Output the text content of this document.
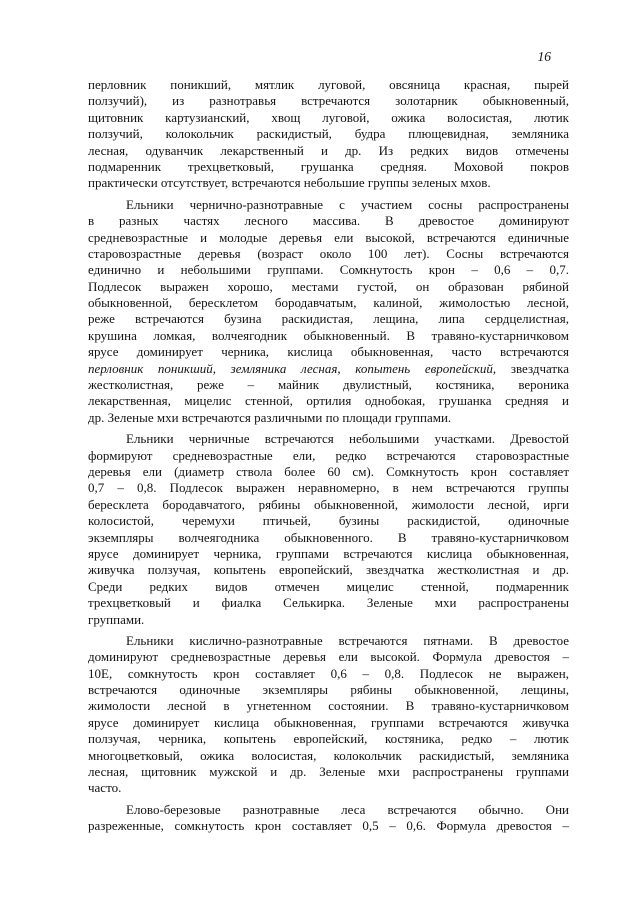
16
перловник поникший, мятлик луговой, овсяница красная, пырей
ползучий), из разнотравья встречаются золотарник обыкновенный,
щитовник картузианский, хвощ луговой, ожика волосистая, лютик
ползучий, колокольчик раскидистый, будра плющевидная, земляника
лесная, одуванчик лекарственный и др. Из редких видов отмечены
подмаренник трехцветковый, грушанка средняя. Моховой покров
практически отсутствует, встречаются небольшие группы зеленых мхов.
Ельники чернично-разнотравные с участием сосны распространены
в разных частях лесного массива. В древостое доминируют
средневозрастные и молодые деревья ели высокой, встречаются единичные
старовозрастные деревья (возраст около 100 лет). Сосны встречаются
единично и небольшими группами. Сомкнутость крон – 0,6 – 0,7.
Подлесок выражен хорошо, местами густой, он образован рябиной
обыкновенной, бересклетом бородавчатым, калиной, жимолостью лесной,
реже встречаются бузина раскидистая, лещина, липа сердцелистная,
крушина ломкая, волчеягодник обыкновенный. В травяно-кустарничковом
ярусе доминирует черника, кислица обыкновенная, часто встречаются
перловник поникший, земляника лесная, копытень европейский, звездчатка
жестколистная, реже – майник двулистный, костяника, вероника
лекарственная, мицелис стенной, ортилия однобокая, грушанка средняя и
др. Зеленые мхи встречаются различными по площади группами.
Ельники черничные встречаются небольшими участками. Древостой
формируют средневозрастные ели, редко встречаются старовозрастные
деревья ели (диаметр ствола более 60 см). Сомкнутость крон составляет
0,7 – 0,8. Подлесок выражен неравномерно, в нем встречаются группы
бересклета бородавчатого, рябины обыкновенной, жимолости лесной, ирги
колосистой, черемухи птичьей, бузины раскидистой, одиночные
экземпляры волчеягодника обыкновенного. В травяно-кустарничковом
ярусе доминирует черника, группами встречаются кислица обыкновенная,
живучка ползучая, копытень европейский, звездчатка жестколистная и др.
Среди редких видов отмечен мицелис стенной, подмаренник
трехцветковый и фиалка Селькирка. Зеленые мхи распространены
группами.
Ельники кислично-разнотравные встречаются пятнами. В древостое
доминируют средневозрастные деревья ели высокой. Формула древостоя –
10Е, сомкнутость крон составляет 0,6 – 0,8. Подлесок не выражен,
встречаются одиночные экземпляры рябины обыкновенной, лещины,
жимолости лесной в угнетенном состоянии. В травяно-кустарничковом
ярусе доминирует кислица обыкновенная, группами встречаются живучка
ползучая, черника, копытень европейский, костяника, редко – лютик
многоцветковый, ожика волосистая, колокольчик раскидистый, земляника
лесная, щитовник мужской и др. Зеленые мхи распространены группами
часто.
Елово-березовые разнотравные леса встречаются обычно. Они
разреженные, сомкнутость крон составляет 0,5 – 0,6. Формула древостоя –
